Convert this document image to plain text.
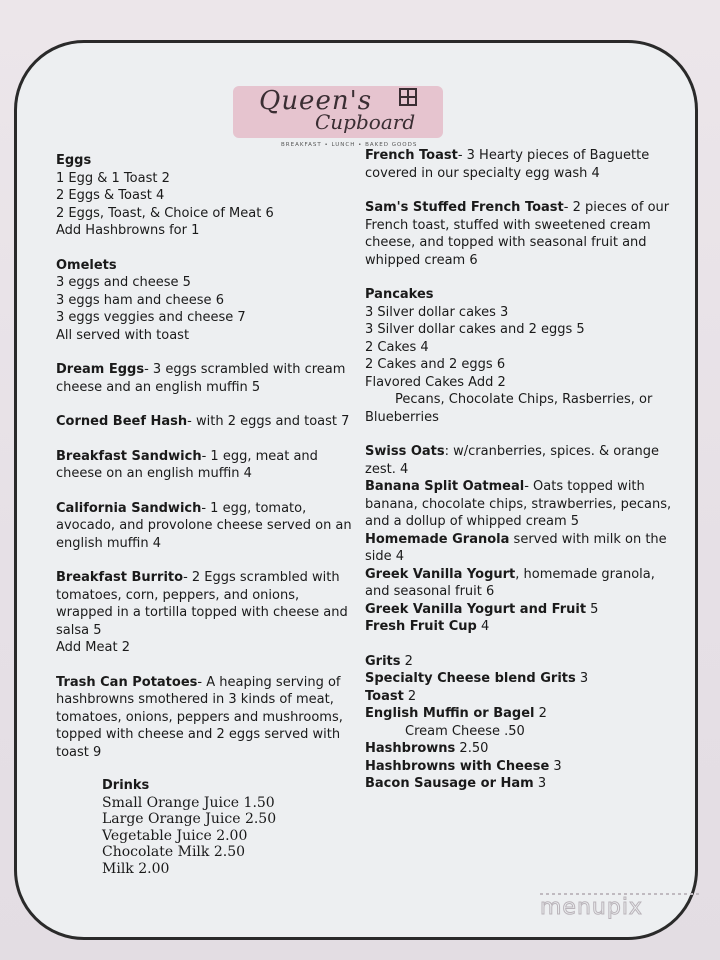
Queen's
Cupboard
BREAKFAST • LUNCH • BAKED GOODS
Eggs
1 Egg & 1 Toast 2
2 Eggs & Toast 4
2 Eggs, Toast, & Choice of Meat 6
Add Hashbrowns for 1
Omelets
3 eggs and cheese 5
3 eggs ham and cheese 6
3 eggs veggies and cheese 7
All served with toast
Dream Eggs- 3 eggs scrambled with cream cheese and an english muffin 5
Corned Beef Hash- with 2 eggs and toast 7
Breakfast Sandwich- 1 egg, meat and cheese on an english muffin 4
California Sandwich- 1 egg, tomato, avocado, and provolone cheese served on an english muffin 4
Breakfast Burrito- 2 Eggs scrambled with tomatoes, corn, peppers, and onions, wrapped in a tortilla topped with cheese and salsa 5
Add Meat 2
Trash Can Potatoes- A heaping serving of hashbrowns smothered in 3 kinds of meat, tomatoes, onions, peppers and mushrooms, topped with cheese and 2 eggs served with toast 9
Drinks
Small Orange Juice 1.50
Large Orange Juice 2.50
Vegetable Juice 2.00
Chocolate Milk 2.50
Milk 2.00
French Toast- 3 Hearty pieces of Baguette covered in our specialty egg wash 4
Sam's Stuffed French Toast- 2 pieces of our French toast, stuffed with sweetened cream cheese, and topped with seasonal fruit and whipped cream 6
Pancakes
3 Silver dollar cakes 3
3 Silver dollar cakes and 2 eggs 5
2 Cakes 4
2 Cakes and 2 eggs 6
Flavored Cakes Add 2
Pecans, Chocolate Chips, Rasberries, or Blueberries
Swiss Oats: w/cranberries, spices. & orange zest. 4
Banana Split Oatmeal- Oats topped with banana, chocolate chips, strawberries, pecans, and a dollup of whipped cream 5
Homemade Granola served with milk on the side 4
Greek Vanilla Yogurt, homemade granola, and seasonal fruit 6
Greek Vanilla Yogurt and Fruit 5
Fresh Fruit Cup 4
Grits 2
Specialty Cheese blend Grits 3
Toast 2
English Muffin or Bagel 2
Cream Cheese .50
Hashbrowns 2.50
Hashbrowns with Cheese 3
Bacon Sausage or Ham 3
menupix
